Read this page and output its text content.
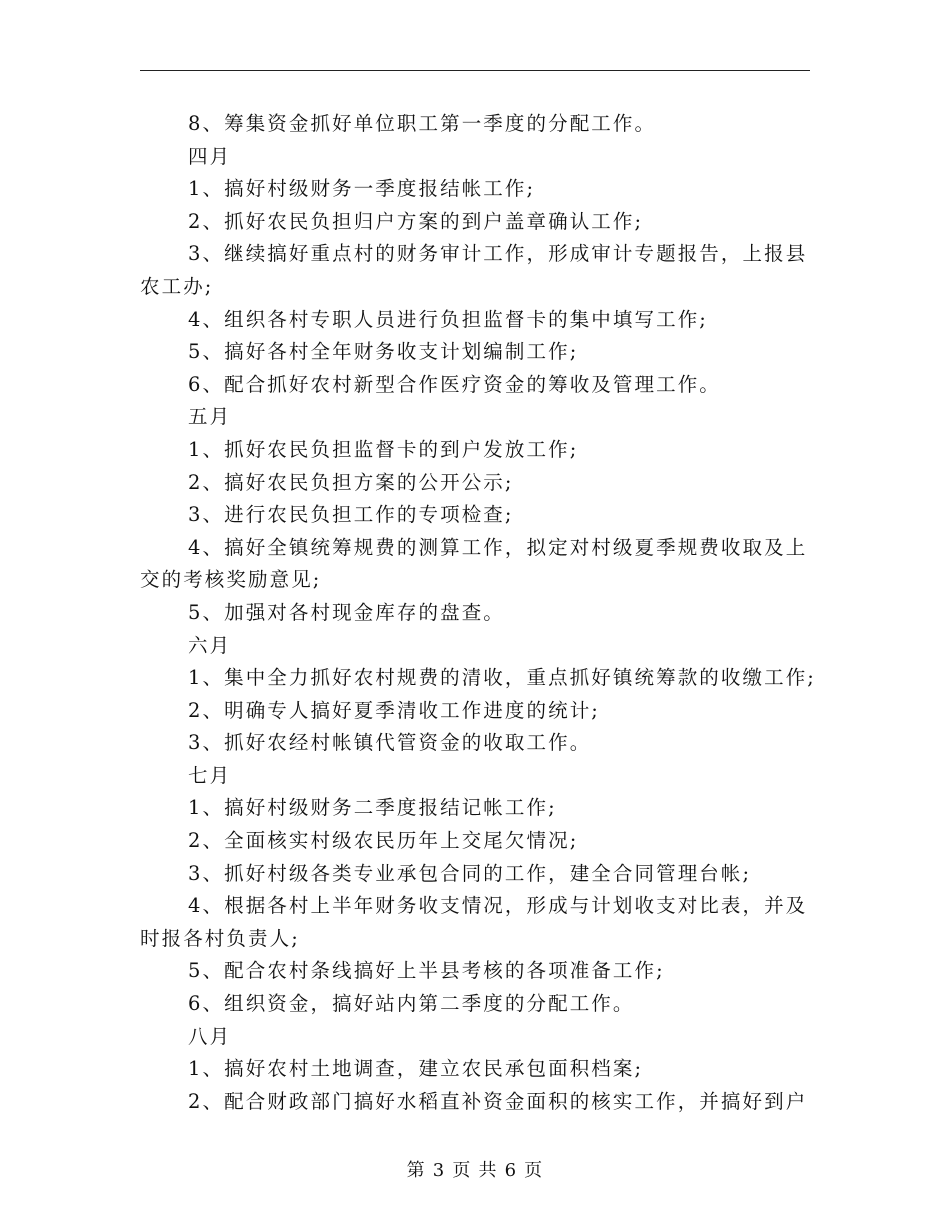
8、筹集资金抓好单位职工第一季度的分配工作。
四月
1、搞好村级财务一季度报结帐工作;
2、抓好农民负担归户方案的到户盖章确认工作;
3、继续搞好重点村的财务审计工作，形成审计专题报告，上报县
农工办;
4、组织各村专职人员进行负担监督卡的集中填写工作;
5、搞好各村全年财务收支计划编制工作;
6、配合抓好农村新型合作医疗资金的筹收及管理工作。
五月
1、抓好农民负担监督卡的到户发放工作;
2、搞好农民负担方案的公开公示;
3、进行农民负担工作的专项检查;
4、搞好全镇统筹规费的测算工作，拟定对村级夏季规费收取及上
交的考核奖励意见;
5、加强对各村现金库存的盘查。
六月
1、集中全力抓好农村规费的清收，重点抓好镇统筹款的收缴工作;
2、明确专人搞好夏季清收工作进度的统计;
3、抓好农经村帐镇代管资金的收取工作。
七月
1、搞好村级财务二季度报结记帐工作;
2、全面核实村级农民历年上交尾欠情况;
3、抓好村级各类专业承包合同的工作，建全合同管理台帐;
4、根据各村上半年财务收支情况，形成与计划收支对比表，并及
时报各村负责人;
5、配合农村条线搞好上半县考核的各项准备工作;
6、组织资金，搞好站内第二季度的分配工作。
八月
1、搞好农村土地调查，建立农民承包面积档案;
2、配合财政部门搞好水稻直补资金面积的核实工作，并搞好到户
第 3 页 共 6 页
